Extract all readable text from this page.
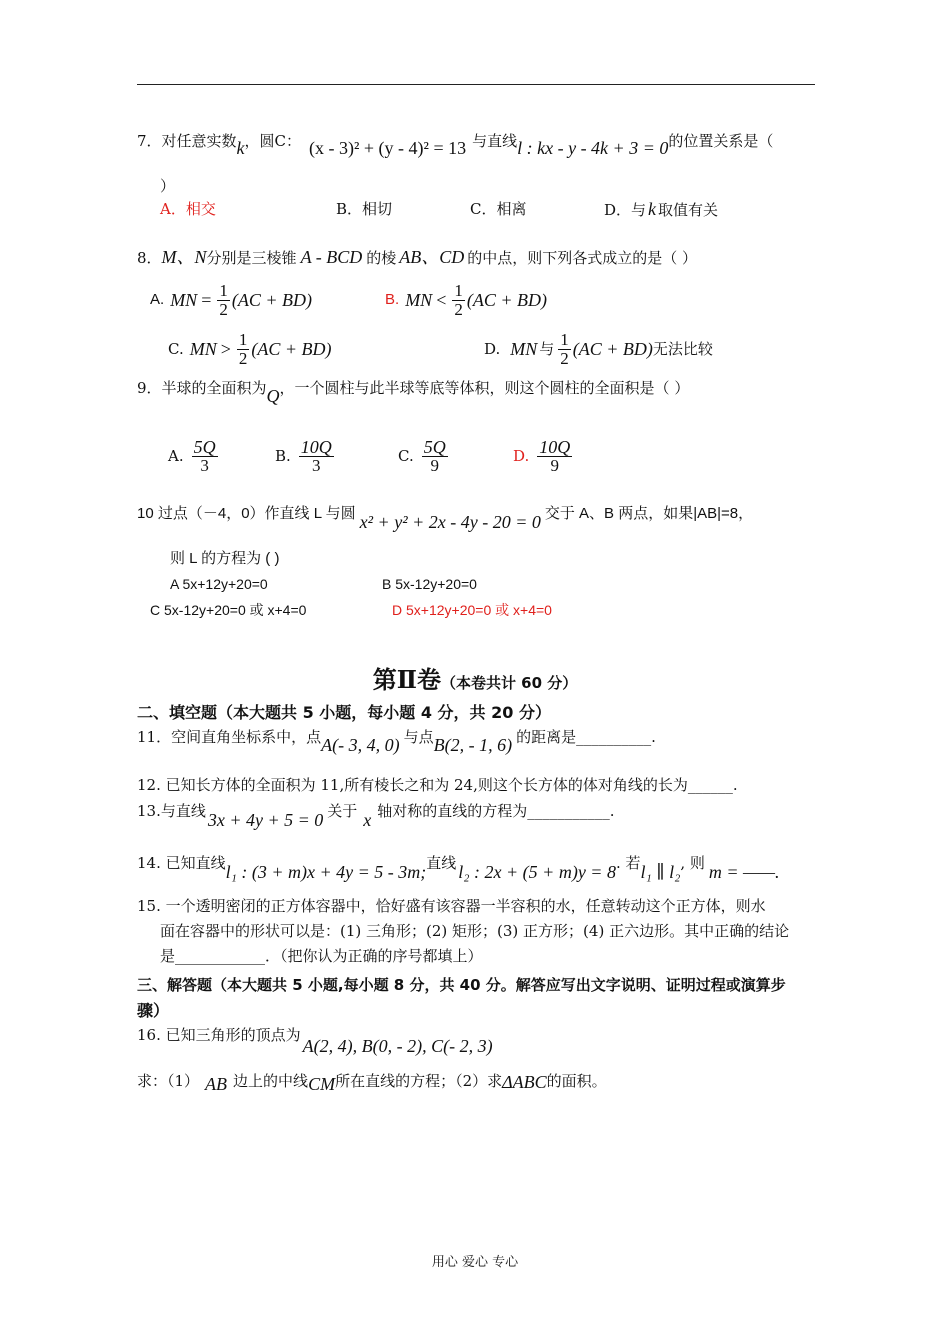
7．对任意实数k，圆C： (x - 3)² + (y - 4)² = 13 与直线l : kx - y - 4k + 3 = 0的位置关系是（
）
A．相交	B．相切	C．相离	D．与 k 取值有关
8．M、N分别是三棱锥 A - BCD 的棱 AB、CD 的中点，则下列各式成立的是（ ）
A. MN = $\frac{1}{2} (AC + BD)$	B. MN < $\frac{1}{2} (AC + BD)$
C. MN > $\frac{1}{2} (AC + BD)$	D. MN 与 $\frac{1}{2} (AC + BD)$ 无法比较
9．半球的全面积为Q，一个圆柱与此半球等底等体积，则这个圆柱的全面积是（ ）
A. $\frac{5Q}{3}$	B. $\frac{10Q}{3}$	C. $\frac{5Q}{9}$	D. $\frac{10Q}{9}$
10 过点（－4，0）作直线 L 与圆 x² + y² + 2x - 4y - 20 = 0 交于 A、B 两点，如果|AB|=8，
则 L 的方程为 ( )
A 5x+12y+20=0	B 5x-12y+20=0
C 5x-12y+20=0 或 x+4=0	D 5x+12y+20=0 或 x+4=0
第Ⅱ卷（本卷共计 60 分）
二、填空题（本大题共 5 小题，每小题 4 分，共 20 分）
11．空间直角坐标系中，点A(- 3, 4, 0) 与点B(2, - 1, 6) 的距离是__________.
12. 已知长方体的全面积为 11,所有棱长之和为 24,则这个长方体的体对角线的长为______.
13.与直线 3x + 4y + 5 = 0 关于 x 轴对称的直线的方程为___________.
14. 已知直线l₁ : (3 + m)x + 4y = 5 - 3m;直线 l₂ : 2x + (5 + m)y = 8. 若l₁ ∥ l₂, 则 m = ——.
15. 一个透明密闭的正方体容器中，恰好盛有该容器一半容积的水，任意转动这个正方体，则水
面在容器中的形状可以是：(1) 三角形；(2) 矩形；(3) 正方形；(4) 正六边形。其中正确的结论
是____________．（把你认为正确的序号都填上）
三、解答题（本大题共 5 小题,每小题 8 分，共 40 分。解答应写出文字说明、证明过程或演算步
骤）
16. 已知三角形的顶点为A(2, 4), B(0, - 2), C(- 2, 3)
求：（1） AB 边上的中线CM所在直线的方程；（2）求ΔABC的面积。
用心 爱心 专心
